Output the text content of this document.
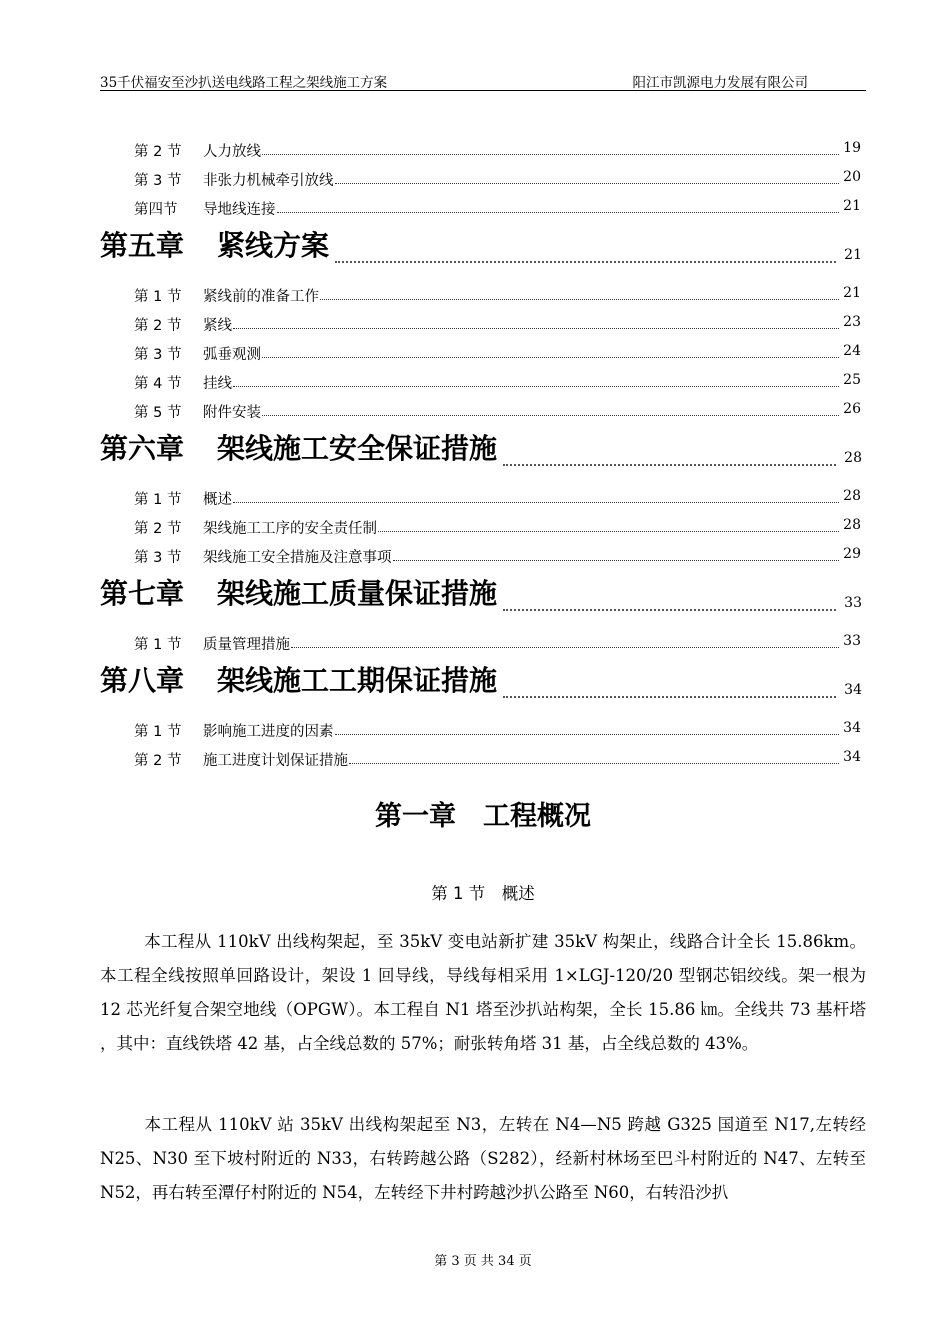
35千伏福安至沙扒送电线路工程之架线施工方案	阳江市凯源电力发展有限公司
第 2 节 人力放线	19
第 3 节 非张力机械牵引放线	20
第四节 导地线连接	21
第五章 紧线方案	21
第 1 节 紧线前的准备工作	21
第 2 节 紧线	23
第 3 节 弧垂观测	24
第 4 节 挂线	25
第 5 节 附件安装	26
第六章 架线施工安全保证措施	28
第 1 节 概述	28
第 2 节 架线施工工序的安全责任制	28
第 3 节 架线施工安全措施及注意事项	29
第七章 架线施工质量保证措施	33
第 1 节 质量管理措施	33
第八章 架线施工工期保证措施	34
第 1 节 影响施工进度的因素	34
第 2 节 施工进度计划保证措施	34
第一章　工程概况
第 1 节　概述
本工程从 110kV 出线构架起，至 35kV 变电站新扩建 35kV 构架止，线路合计全长 15.86km。本工程全线按照单回路设计，架设 1 回导线，导线每相采用 1×LGJ-120/20 型钢芯铝绞线。架一根为 12 芯光纤复合架空地线（OPGW）。本工程自 N1 塔至沙扒站构架，全长 15.86 ㎞。全线共 73 基杆塔 ，其中：直线铁塔 42 基，占全线总数的 57%；耐张转角塔 31 基，占全线总数的 43%。
本工程从 110kV 站 35kV 出线构架起至 N3，左转在 N4—N5 跨越 G325 国道至 N17,左转经 N25、N30 至下坡村附近的 N33，右转跨越公路（S282），经新村林场至巴斗村附近的 N47、左转至 N52，再右转至潭仔村附近的 N54，左转经下井村跨越沙扒公路至 N60，右转沿沙扒
第 3 页 共 34 页
